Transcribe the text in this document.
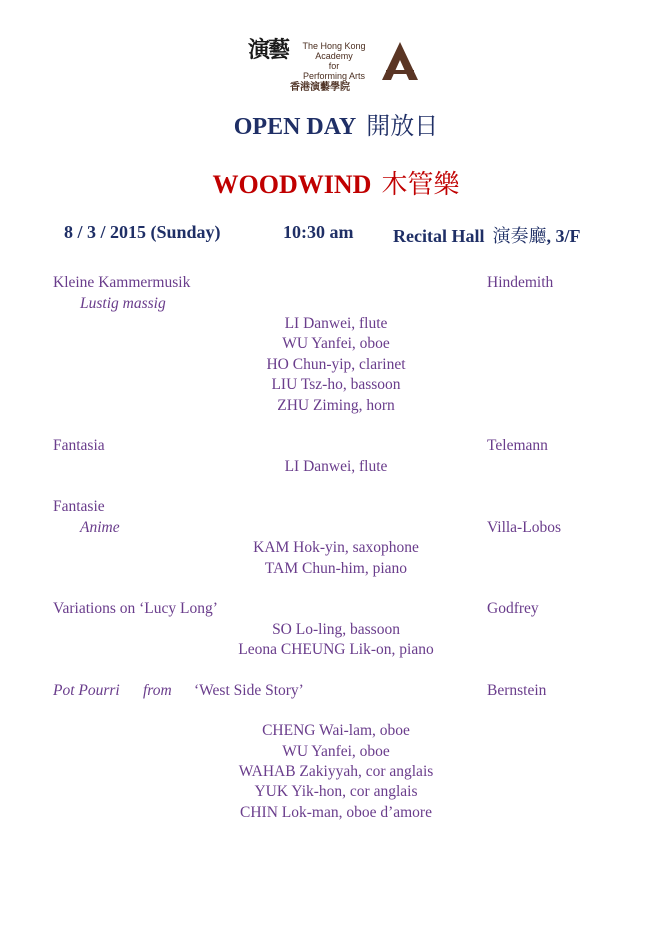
演藝	The Hong Kong Academy
for
Performing Arts
香港演藝學院
OPEN DAY 開放日
WOODWIND 木管樂
8 / 3 / 2015 (Sunday)	10:30 am Recital Hall 演奏廳, 3/F
Kleine Kammermusik	Hindemith
Lustig massig
LI Danwei, flute
WU Yanfei, oboe
HO Chun-yip, clarinet
LIU Tsz-ho, bassoon
ZHU Ziming, horn
Fantasia	Telemann
LI Danwei, flute
Fantasie
Anime	Villa-Lobos
KAM Hok-yin, saxophone
TAM Chun-him, piano
Variations on ‘Lucy Long’	Godfrey
SO Lo-ling, bassoon
Leona CHEUNG Lik-on, piano
Pot Pourri from ‘West Side Story’	Bernstein
CHENG Wai-lam, oboe
WU Yanfei, oboe
WAHAB Zakiyyah, cor anglais
YUK Yik-hon, cor anglais
CHIN Lok-man, oboe d’amore
